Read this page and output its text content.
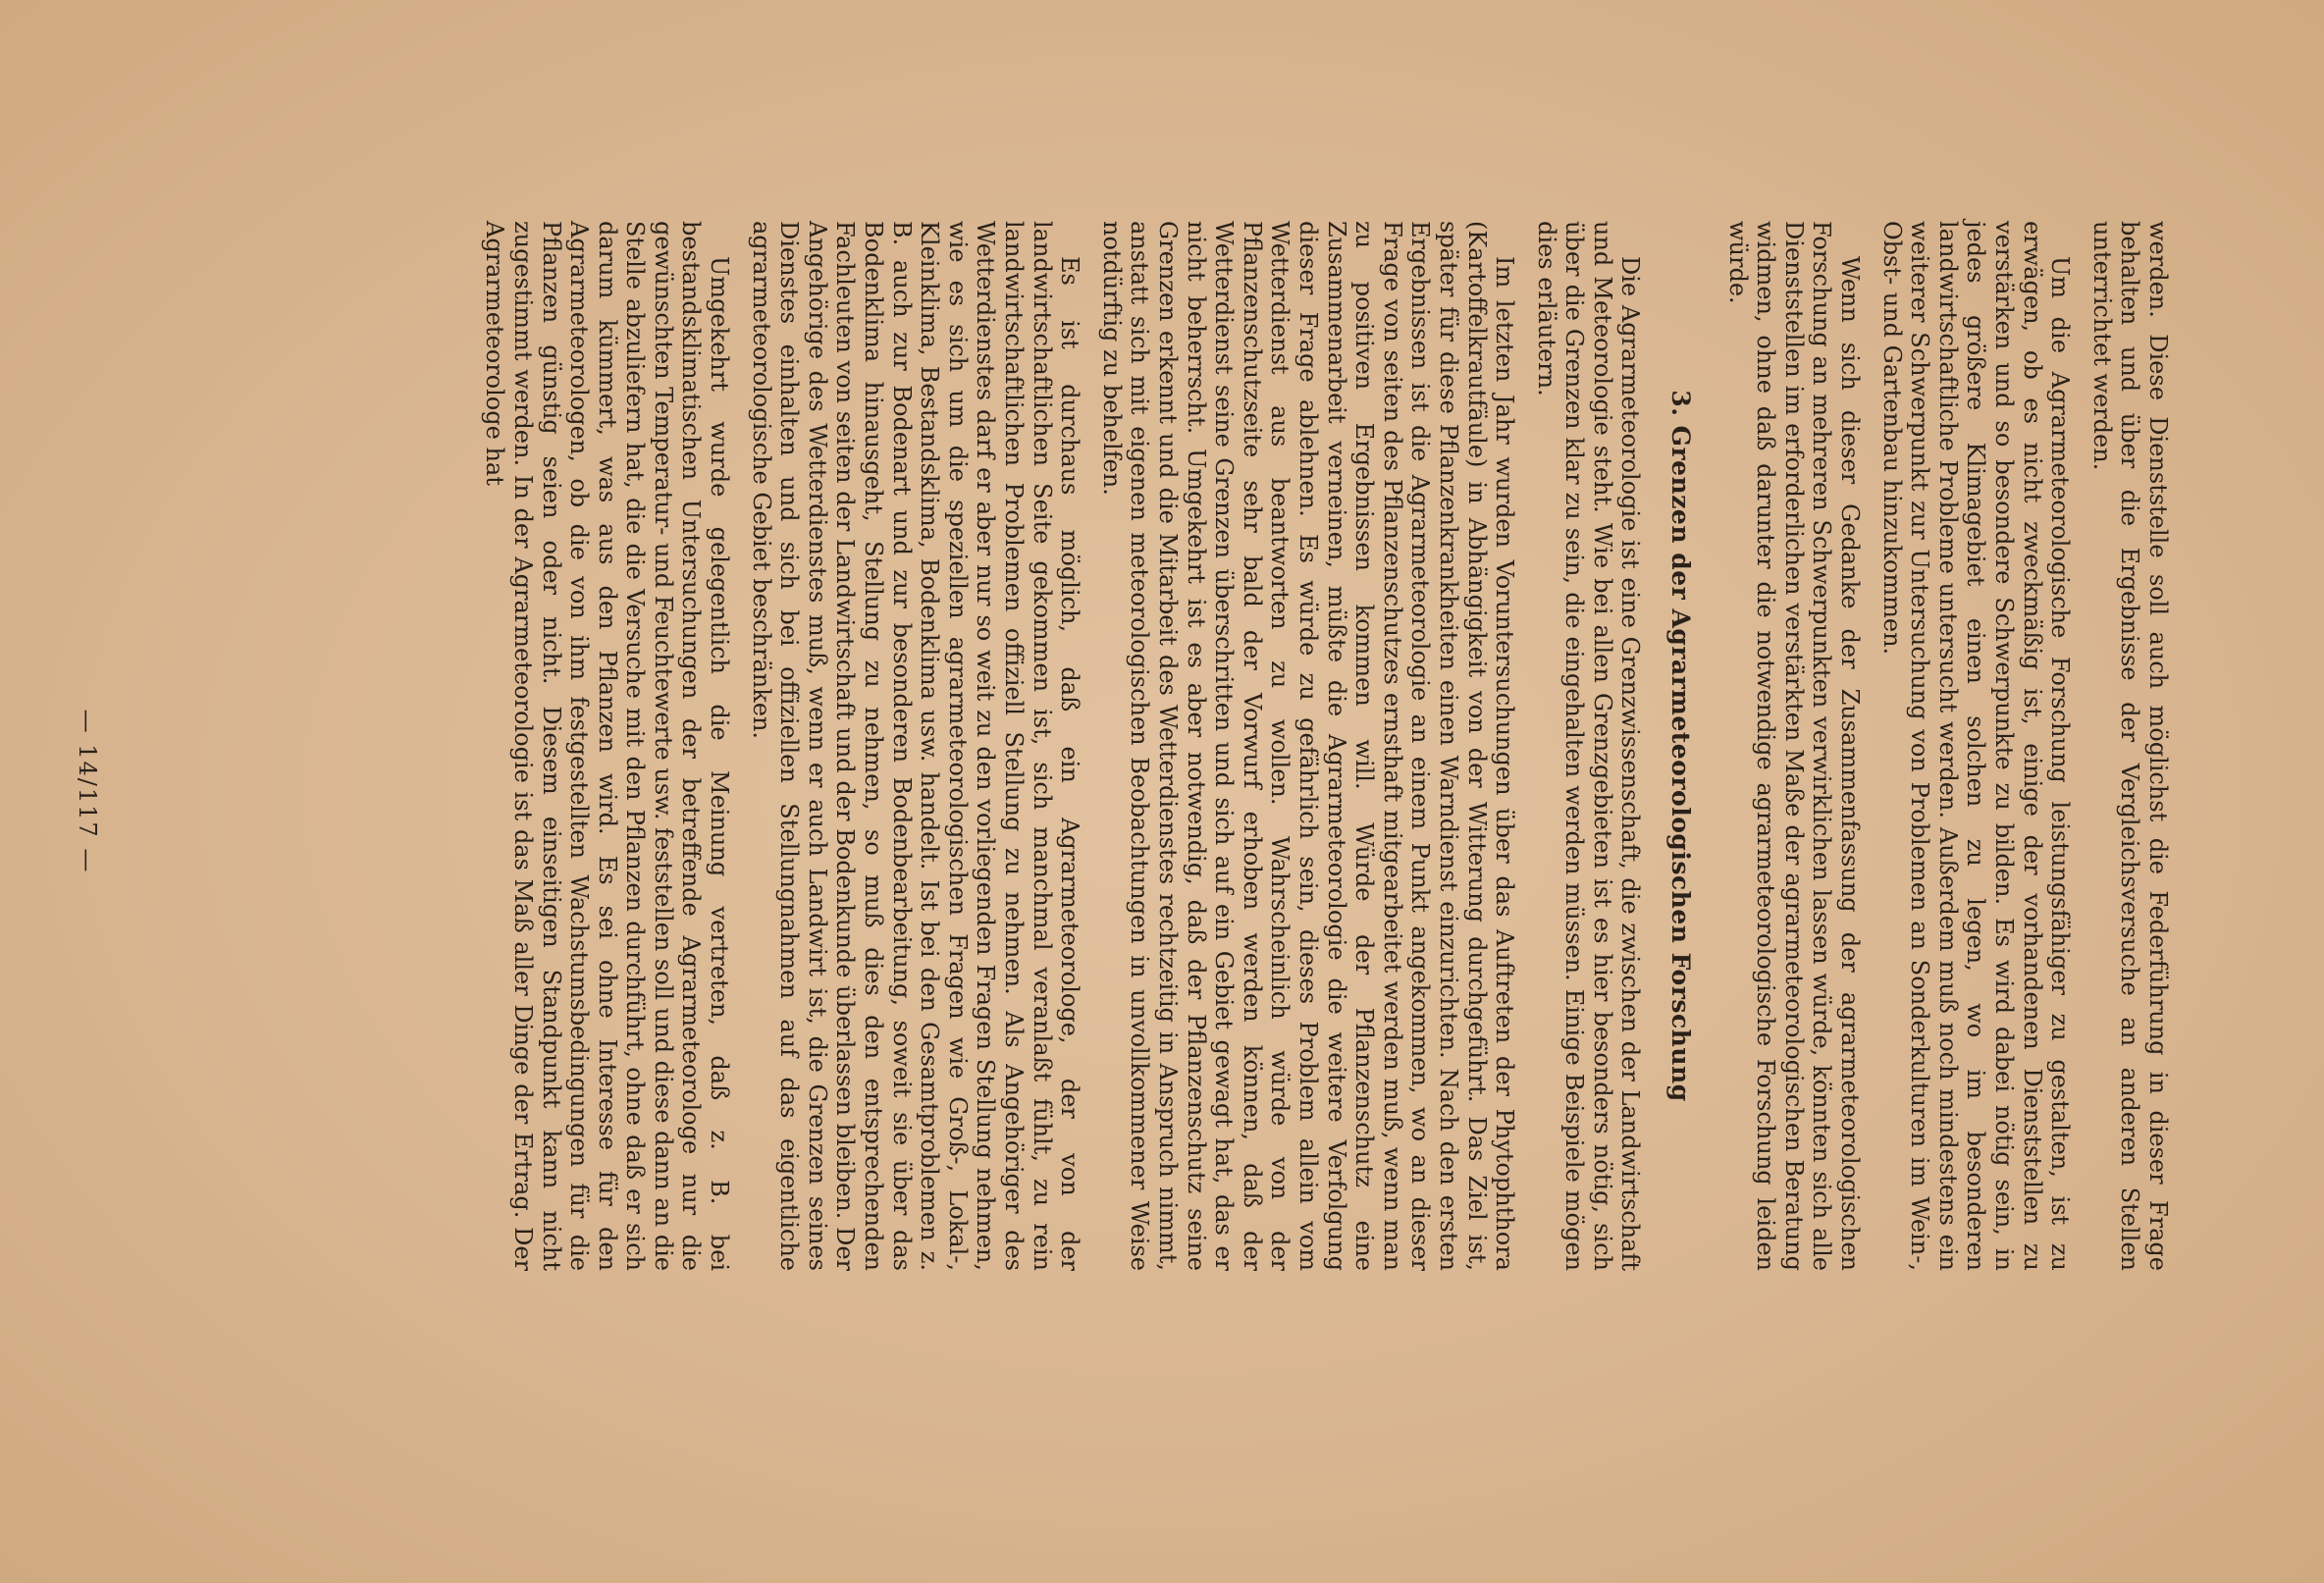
werden. Diese Dienststelle soll auch möglichst die Federführung in dieser Frage behalten und über die Ergebnisse der Vergleichsversuche an anderen Stellen unterrichtet werden.

Um die Agrarmeteorologische Forschung leistungsfähiger zu gestalten, ist zu erwägen, ob es nicht zweckmäßig ist, einige der vorhandenen Dienststellen zu verstärken und so besondere Schwerpunkte zu bilden. Es wird dabei nötig sein, in jedes größere Klimagebiet einen solchen zu legen, wo im besonderen landwirtschaftliche Probleme untersucht werden. Außerdem muß noch mindestens ein weiterer Schwerpunkt zur Untersuchung von Problemen an Sonderkulturen im Wein-, Obst- und Gartenbau hinzukommen.

Wenn sich dieser Gedanke der Zusammenfassung der agrarmeteorologischen Forschung an mehreren Schwerpunkten verwirklichen lassen würde, könnten sich alle Dienststellen im erforderlichen verstärkten Maße der agrarmeteorologischen Beratung widmen, ohne daß darunter die notwendige agrarmeteorologische Forschung leiden würde.

3. Grenzen der Agrarmeteorologischen Forschung

Die Agrarmeteorologie ist eine Grenzwissenschaft, die zwischen der Landwirtschaft und Meteorologie steht. Wie bei allen Grenzgebieten ist es hier besonders nötig, sich über die Grenzen klar zu sein, die eingehalten werden müssen. Einige Beispiele mögen dies erläutern.

Im letzten Jahr wurden Voruntersuchungen über das Auftreten der Phytophthora (Kartoffelkrautfäule) in Abhängigkeit von der Witterung durchgeführt. Das Ziel ist, später für diese Pflanzenkrankheiten einen Warndienst einzurichten. Nach den ersten Ergebnissen ist die Agrarmeteorologie an einem Punkt angekommen, wo an dieser Frage von seiten des Pflanzenschutzes ernsthaft mitgearbeitet werden muß, wenn man zu positiven Ergebnissen kommen will. Würde der Pflanzenschutz eine Zusammenarbeit verneinen, müßte die Agrarmeteorologie die weitere Verfolgung dieser Frage ablehnen. Es würde zu gefährlich sein, dieses Problem allein vom Wetterdienst aus beantworten zu wollen. Wahrscheinlich würde von der Pflanzenschutzseite sehr bald der Vorwurf erhoben werden können, daß der Wetterdienst seine Grenzen überschritten und sich auf ein Gebiet gewagt hat, das er nicht beherrscht. Umgekehrt ist es aber notwendig, daß der Pflanzenschutz seine Grenzen erkennt und die Mitarbeit des Wetterdienstes rechtzeitig in Anspruch nimmt, anstatt sich mit eigenen meteorologischen Beobachtungen in unvollkommener Weise notdürftig zu behelfen.

Es ist durchaus möglich, daß ein Agrarmeteorologe, der von der landwirtschaftlichen Seite gekommen ist, sich manchmal veranlaßt fühlt, zu rein landwirtschaftlichen Problemen offiziell Stellung zu nehmen. Als Angehöriger des Wetterdienstes darf er aber nur so weit zu den vorliegenden Fragen Stellung nehmen, wie es sich um die speziellen agrarmeteorologischen Fragen wie Groß-, Lokal-, Kleinklima, Bestandsklima, Bodenklima usw. handelt. Ist bei den Gesamtproblemen z. B. auch zur Bodenart und zur besonderen Bodenbearbeitung, soweit sie über das Bodenklima hinausgeht, Stellung zu nehmen, so muß dies den entsprechenden Fachleuten von seiten der Landwirtschaft und der Bodenkunde überlassen bleiben. Der Angehörige des Wetterdienstes muß, wenn er auch Landwirt ist, die Grenzen seines Dienstes einhalten und sich bei offiziellen Stellungnahmen auf das eigentliche agrarmeteorologische Gebiet beschränken.

Umgekehrt wurde gelegentlich die Meinung vertreten, daß z. B. bei bestandsklimatischen Untersuchungen der betreffende Agrarmeteorologe nur die gewünschten Temperatur- und Feuchtewerte usw. feststellen soll und diese dann an die Stelle abzuliefern hat, die die Versuche mit den Pflanzen durchführt, ohne daß er sich darum kümmert, was aus den Pflanzen wird. Es sei ohne Interesse für den Agrarmeteorologen, ob die von ihm festgestellten Wachstumsbedingungen für die Pflanzen günstig seien oder nicht. Diesem einseitigen Standpunkt kann nicht zugestimmt werden. In der Agrarmeteorologie ist das Maß aller Dinge der Ertrag. Der Agrarmeteorologe hat

— 14/117 —
